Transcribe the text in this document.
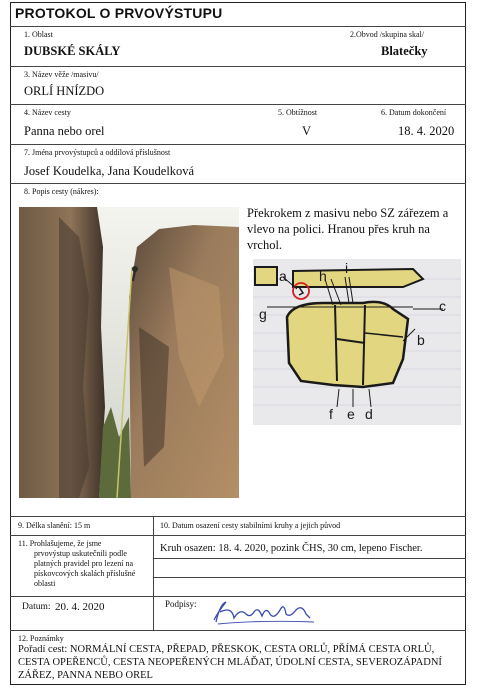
PROTOKOL O PRVOVÝSTUPU
1. Oblast
DUBSKÉ SKÁLY
2.Obvod /skupina skal/
Blatečky
3. Název věže /masivu/
ORLÍ HNÍZDO
4. Název cesty
Panna nebo orel
5. Obtížnost
V
6. Datum dokončení
18. 4. 2020
7. Jména prvovýstupců a oddílová příslušnost
Josef Koudelka, Jana Koudelková
8. Popis cesty (nákres):
Překrokem z masivu nebo SZ zářezem a vlevo na polici. Hranou přes kruh na vrchol.
a h i
g	c
b
f e d
9. Délka slanění: 15 m	10. Datum osazení cesty stabilními kruhy a jejich původ
Kruh osazen: 18. 4. 2020, pozink ČHS, 30 cm, lepeno Fischer.
11. Prohlašujeme, že jsme
prvovýstup uskutečnili podle
platných pravidel pro lezení na
pískovcových skalách příslušné
oblasti
Datum: 20. 4. 2020	Podpisy:
12. Poznámky
Pořadí cest: NORMÁLNÍ CESTA, PŘEPAD, PŘESKOK, CESTA ORLŮ, PŘÍMÁ CESTA ORLŮ,
CESTA OPEŘENCŮ, CESTA NEOPEŘENÝCH MLÁĎAT, ÚDOLNÍ CESTA, SEVEROZÁPADNÍ
ZÁŘEZ, PANNA NEBO OREL
